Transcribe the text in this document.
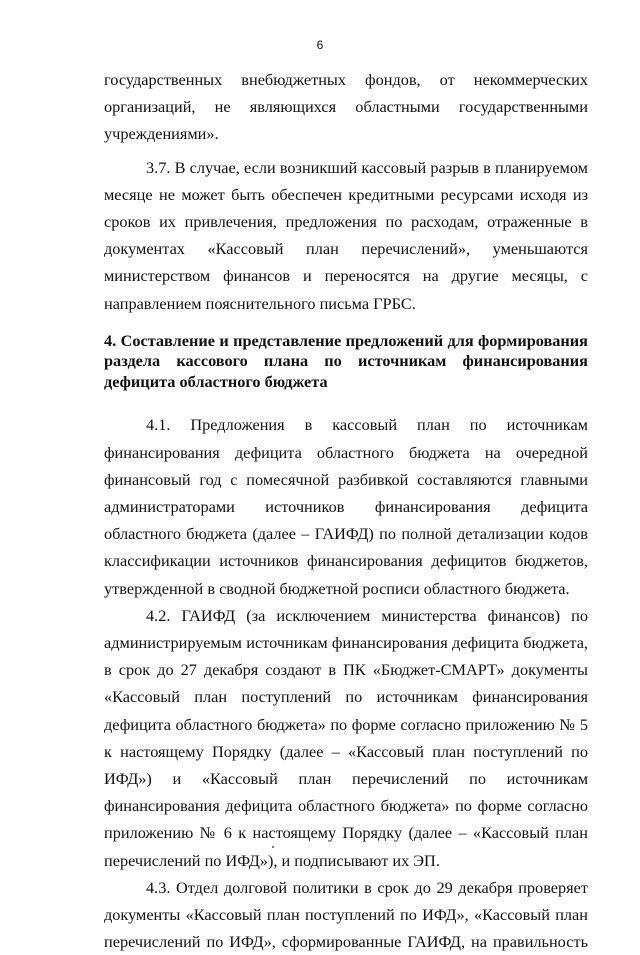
6

государственных внебюджетных фондов, от некоммерческих организаций, не являющихся областными государственными учреждениями».

3.7. В случае, если возникший кассовый разрыв в планируемом месяце не может быть обеспечен кредитными ресурсами исходя из сроков их привлечения, предложения по расходам, отраженные в документах «Кассовый план перечислений», уменьшаются министерством финансов и переносятся на другие месяцы, с направлением пояснительного письма ГРБС.

4. Составление и представление предложений для формирования раздела кассового плана по источникам финансирования дефицита областного бюджета

4.1. Предложения в кассовый план по источникам финансирования дефицита областного бюджета на очередной финансовый год с помесячной разбивкой составляются главными администраторами источников финансирования дефицита областного бюджета (далее – ГАИФД) по полной детализации кодов классификации источников финансирования дефицитов бюджетов, утвержденной в сводной бюджетной росписи областного бюджета.

4.2. ГАИФД (за исключением министерства финансов) по администрируемым источникам финансирования дефицита бюджета, в срок до 27 декабря создают в ПК «Бюджет-СМАРТ» документы «Кассовый план поступлений по источникам финансирования дефицита областного бюджета» по форме согласно приложению № 5 к настоящему Порядку (далее – «Кассовый план поступлений по ИФД») и «Кассовый план перечислений по источникам финансирования дефицита областного бюджета» по форме согласно приложению № 6 к настоящему Порядку (далее – «Кассовый план перечислений по ИФД»), и подписывают их ЭП.

4.3. Отдел долговой политики в срок до 29 декабря проверяет документы «Кассовый план поступлений по ИФД», «Кассовый план перечислений по ИФД», сформированные ГАИФД, на правильность
